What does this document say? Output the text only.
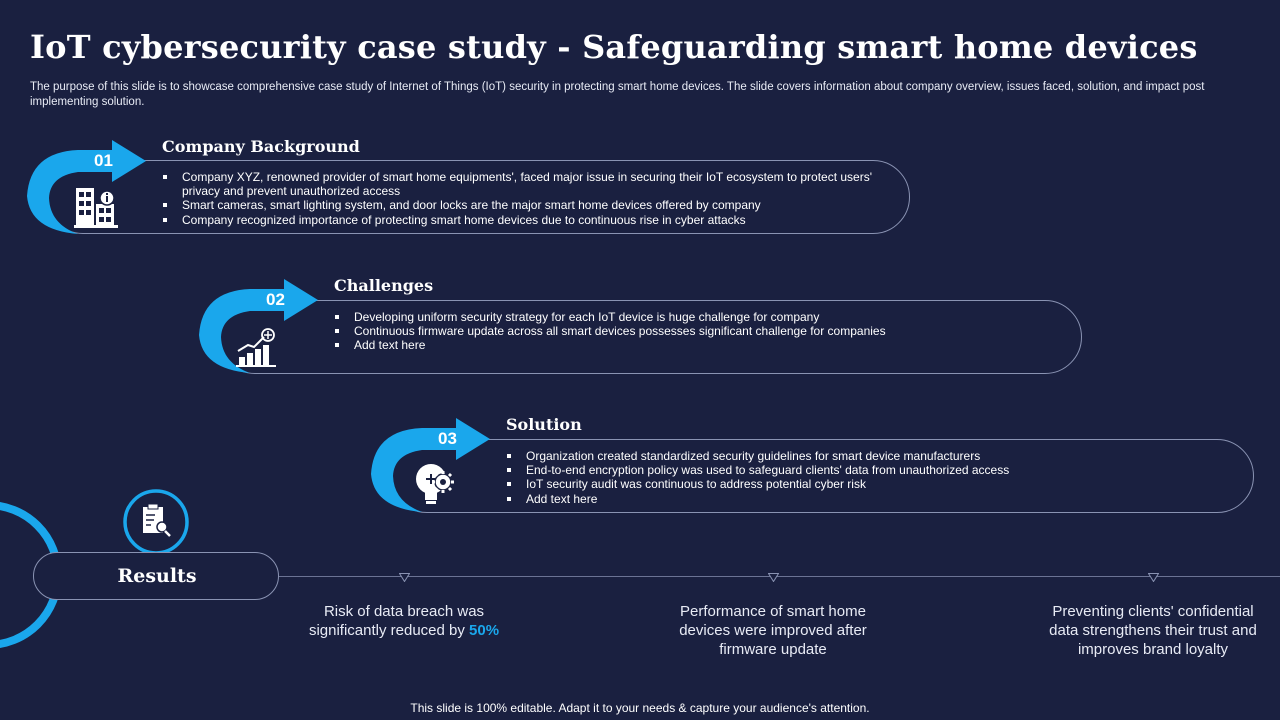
IoT cybersecurity case study - Safeguarding smart home devices
The purpose of this slide is to showcase comprehensive case study of Internet of Things (IoT) security in protecting smart home devices. The slide covers information about company overview, issues faced, solution, and impact post implementing solution.
01
Company Background
Company XYZ, renowned provider of smart home equipments', faced major issue in securing their IoT ecosystem to protect users' privacy and prevent unauthorized access
Smart cameras, smart lighting system, and door locks are the major smart home devices offered by company
Company recognized importance of protecting smart home devices due to continuous rise in cyber attacks
02
Challenges
Developing uniform security strategy for each IoT device is huge challenge for company
Continuous firmware update across all smart devices possesses significant challenge for companies
Add text here
03
Solution
Organization created standardized security guidelines for smart device manufacturers
End-to-end encryption policy was used to safeguard clients' data from unauthorized access
IoT security audit was continuous to address potential cyber risk
Add text here
Results
Risk of data breach was significantly reduced by 50%
Performance of smart home devices were improved after firmware update
Preventing clients' confidential data strengthens their trust and improves brand loyalty
This slide is 100% editable. Adapt it to your needs & capture your audience's attention.
